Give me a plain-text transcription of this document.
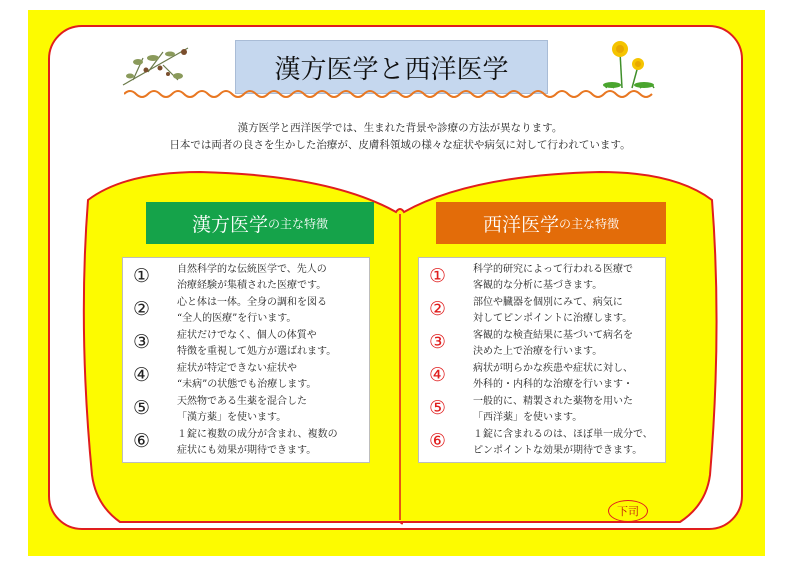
漢方医学と西洋医学
漢方医学と西洋医学では、生まれた背景や診療の方法が異なります。
日本では両者の良さを生かした治療が、皮膚科領域の様々な症状や病気に対して行われています。
漢方医学 の主な特徴	西洋医学 の主な特徴
①	自然科学的な伝統医学で、先人の
治療経験が集積された医療です。
②	心と体は一体。全身の調和を図る
“全人的医療”を行います。
③	症状だけでなく、個人の体質や
特徴を重視して処方が選ばれます。
④	症状が特定できない症状や
“未病”の状態でも治療します。
⑤	天然物である生薬を混合した
「漢方薬」を使います。
⑥	１錠に複数の成分が含まれ、複数の
症状にも効果が期待できます。
①	科学的研究によって行われる医療で
客観的な分析に基づきます。
②	部位や臓器を個別にみて、病気に
対してピンポイントに治療します。
③	客観的な検査結果に基づいて病名を
決めた上で治療を行います。
④	病状が明らかな疾患や症状に対し、
外科的・内科的な治療を行います・
⑤	一般的に、精製された薬物を用いた
「西洋薬」を使います。
⑥	１錠に含まれるのは、ほぼ単一成分で、
ピンポイントな効果が期待できます。
下司
